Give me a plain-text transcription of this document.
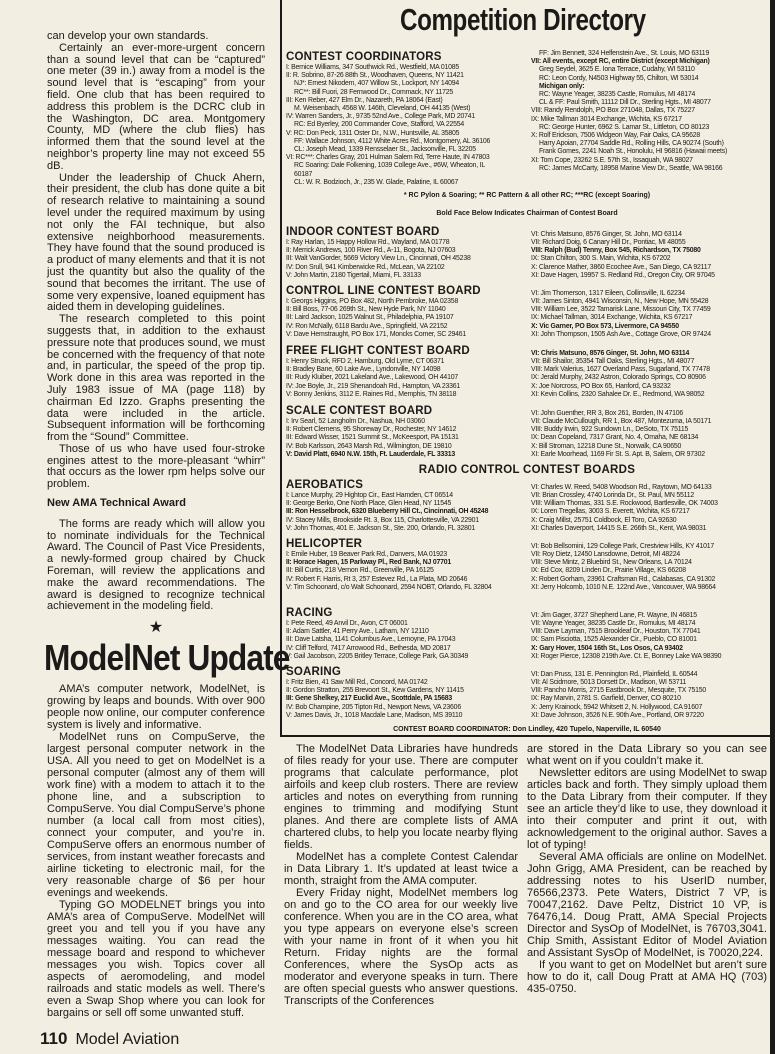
can develop your own standards.

Certainly an ever-more-urgent concern than a sound level that can be “captured” one meter (39 in.) away from a model is the sound level that is “escaping” from your field. One club that has been required to address this problem is the DCRC club in the Washington, DC area. Montgomery County, MD (where the club flies) has informed them that the sound level at the neighbor’s property line may not exceed 55 dB.

Under the leadership of Chuck Ahern, their president, the club has done quite a bit of research relative to maintaining a sound level under the required maximum by using not only the FAI technique, but also extensive neighborhood measurements. They have found that the sound produced is a product of many elements and that it is not just the quantity but also the quality of the sound that becomes the irritant. The use of some very expensive, loaned equipment has aided them in developing guidelines.

The research completed to this point suggests that, in addition to the exhaust pressure note that produces sound, we must be concerned with the frequency of that note and, in particular, the speed of the prop tip. Work done in this area was reported in the July 1983 issue of MA (page 118) by chairman Ed Izzo. Graphs presenting the data were included in the article. Subsequent information will be forthcoming from the “Sound” Committee.

Those of us who have used four-stroke engines attest to the more-pleasant “whirr” that occurs as the lower rpm helps solve our problem.

New AMA Technical Award

The forms are ready which will allow you to nominate individuals for the Technical Award. The Council of Past Vice Presidents, a newly-formed group chaired by Chuck Foreman, will review the applications and make the award recommendations. The award is designed to recognize technical achievement in the modeling field.

★
ModelNet Update

AMA’s computer network, ModelNet, is growing by leaps and bounds. With over 900 people now online, our computer conference system is lively and informative.

ModelNet runs on CompuServe, the largest personal computer network in the USA. All you need to get on ModelNet is a personal computer (almost any of them will work fine) with a modem to attach it to the phone line, and a subscription to CompuServe. You dial CompuServe’s phone number (a local call from most cities), connect your computer, and you’re in. CompuServe offers an enormous number of services, from instant weather forecasts and airline ticketing to electronic mail, for the very reasonable charge of $6 per hour evenings and weekends.

Typing GO MODELNET brings you into AMA’s area of CompuServe. ModelNet will greet you and tell you if you have any messages waiting. You can read the message board and respond to whichever messages you wish. Topics cover all aspects of aeromodeling, and model railroads and static models as well. There’s even a Swap Shop where you can look for bargains or sell off some unwanted stuff.

110 Model Aviation

The ModelNet Data Libraries have hundreds of files ready for your use. There are computer programs that calculate performance, plot airfoils and keep club rosters. There are review articles and notes on everything from running engines to trimming and modifying Stunt planes. And there are complete lists of AMA chartered clubs, to help you locate nearby flying fields.

ModelNet has a complete Contest Calendar in Data Library 1. It’s updated at least twice a month, straight from the AMA computer.

Every Friday night, ModelNet members log on and go to the CO area for our weekly live conference. When you are in the CO area, what you type appears on everyone else’s screen with your name in front of it when you hit Return. Friday nights are the formal Conferences, where the SysOp acts as moderator and everyone speaks in turn. There are often special guests who answer questions. Transcripts of the Conferences

are stored in the Data Library so you can see what went on if you couldn’t make it.

Newsletter editors are using ModelNet to swap articles back and forth. They simply upload them to the Data Library from their computer. If they see an article they’d like to use, they download it into their computer and print it out, with acknowledgement to the original author. Saves a lot of typing!

Several AMA officials are online on ModelNet. John Grigg, AMA President, can be reached by addressing notes to his UserID number, 76566,2373. Pete Waters, District 7 VP, is 70047,2162. Dave Peltz, District 10 VP, is 76476,14. Doug Pratt, AMA Special Projects Director and SysOp of ModelNet, is 76703,3041. Chip Smith, Assistant Editor of Model Aviation and Assistant SysOp of ModelNet, is 70020,224.

If you want to get on ModelNet but aren’t sure how to do it, call Doug Pratt at AMA HQ (703) 435-0750.

Competition Directory
CONTEST COORDINATORS
I: Bernice Williams, 347 Southwick Rd., Westfield, MA 01085
II: R. Sobrino, 87-26 88th St., Woodhaven, Queens, NY 11421
NJ*: Ernest Nikodem, 407 Willow St., Lockport, NY 14094
RC**: Bill Fuori, 28 Fernwood Dr., Commack, NY 11725
III: Ken Reber, 427 Elm Dr., Nazareth, PA 18064 (East)
M. Weisenbach, 4568 W. 146th, Cleveland, OH 44135 (West)
IV: Warren Sanders, Jr., 9735 52nd Ave., College Park, MD 20741
RC: Ed Byerley, 200 Commander Cove, Stafford, VA 22554
V: RC: Don Peck, 1311 Oster Dr., N.W., Huntsville, AL 35805
FF: Wallace Johnson, 4112 White Acres Rd., Montgomery, AL 36106
CL: Joseph Mead, 1339 Rensselaer St., Jacksonville, FL 32205
VI: RC***: Charles Gray, 201 Hulman Salem Rd, Terre Haute, IN 47803
RC Soaring: Dale Folkening, 1039 College Ave., #6W, Wheaton, IL
60187
CL: W. R. Bodzioch, Jr., 235 W. Glade, Palatine, IL 60067
FF: Jim Bennett, 324 Helfenstein Ave., St. Louis, MO 63119
VII: All events, except RC, entire District (except Michigan)
Greg Seydel, 3625 E. Iona Terrace, Cudahy, WI 53110
RC: Leon Cordy, N4503 Highway 55, Chilton, WI 53014
Michigan only:
RC: Wayne Yeager, 38235 Castle, Romulus, MI 48174
CL & FF: Paul Smith, 11112 Dill Dr., Sterling Hgts., MI 48077
VIII: Randy Rendolph, PO Box 271048, Dallas, TX 75227
IX: Mike Tallman 3014 Exchange, Wichita, KS 67217
RC: George Hunter, 6962 S. Lamar St., Littleton, CO 80123
X: Rolf Erickson, 7506 Widgeon Way, Fair Oaks, CA 95628
Harry Apoian, 27704 Saddle Rd., Rolling Hills, CA 90274 (South)
Frank Gomes, 2241 Noah St., Honolulu, HI 96816 (Hawaii meets)
XI: Tom Cope, 23262 S.E. 57th St., Issaquah, WA 98027
RC: James McCarty, 18958 Marine View Dr., Seattle, WA 98166
* RC Pylon & Soaring; ** RC Pattern & all other RC; ***RC (except Soaring)
Bold Face Below Indicates Chairman of Contest Board
RADIO CONTROL CONTEST BOARDS
INDOOR CONTEST BOARD
I: Ray Harlan, 15 Happy Hollow Rd., Wayland, MA 01778
II: Merrick Andrews, 100 River Rd., A-11, Bogota, NJ 07603
III: Walt VanGorder, 5669 Victory View Ln., Cincinnati, OH 45238
IV: Don Srull, 941 Kimberwicke Rd., McLean, VA 22102
V: John Martin, 2180 Tigertail, Miami, FL 33133
VI: Chris Matsuno, 8576 Ginger, St. John, MO 63114
VII: Richard Doig, 6 Canary Hill Dr., Pontiac, MI 48055
VIII: Ralph (Bud) Tenny, Box 545, Richardson, TX 75080
IX: Stan Chilton, 300 S. Main, Wichita, KS 67202
X: Clarence Mather, 3860 Ecochee Ave., San Diego, CA 92117
XI: Dave Hagen, 19957 S. Redland Rd., Oregon City, OR 97045
CONTROL LINE CONTEST BOARD
I: Georgs Higgins, PO Box 482, North Pembroke, MA 02358
II: Bill Boss, 77-06 269th St., New Hyde Park, NY 11040
III: Laird Jackson, 1025 Walnut St., Philadelphia, PA 19107
IV: Ron McNally, 6118 Bardu Ave., Springfield, VA 22152
V: Dave Hemstraught, PO Box 171, Moncks Corner, SC 29461
VI: Jim Thomerson, 1317 Eileen, Collinsville, IL 62234
VII: James Sinton, 4941 Wisconsin, N., New Hope, MN 55428
VIII: William Lee, 3522 Tamarisk Lane, Missouri City, TX 77459
IX: Michael Tallman, 3014 Exchange, Wichita, KS 67217
X: Vic Garner, PO Box 573, Livermore, CA 94550
XI: John Thompson, 1505 Ash Ave., Cottage Grove, OR 97424
FREE FLIGHT CONTEST BOARD
I: Henry Struck, RFD 2, Hamburg, Old Lyme, CT 06371
II: Bradley Bane, 60 Lake Ave., Lyndonville, NY 14098
III: Rudy Kluiber, 2021 Lakeland Ave., Lakewood, OH 44107
IV: Joe Boyle, Jr., 219 Shenandoah Rd., Hampton, VA 23361
V: Bonny Jenkins, 3112 E. Raines Rd., Memphis, TN 38118
VI: Chris Matsuno, 8576 Ginger, St. John, MO 63114
VII: Bill Shailor, 35354 Tall Oaks, Sterling Hgts., MI 48077
VIII: Mark Valerius, 1627 Overland Pass, Sugarland, TX 77478
IX: Jerald Murphy, 2432 Astron, Colorado Springs, CO 80906
X: Joe Norcross, PO Box 65, Hanford, CA 93232
XI: Kevin Collins, 2320 Sahalee Dr. E., Redmond, WA 98052
SCALE CONTEST BOARD
I: Irv Searl, 52 Langholm Dr., Nashua, NH 03060
II: Robert Clemens, 95 Shoreway Dr., Rochester, NY 14612
III: Edward Wisser, 1521 Summit St., McKeesport, PA 15131
IV: Bob Karlsson, 2643 Marsh Rd., Wilmington, DE 19810
V: David Platt, 6940 N.W. 15th, Ft. Lauderdale, FL 33313
VI: John Guenther, RR 3, Box 261, Borden, IN 47106
VII: Claude McCullough, RR 1, Box 487, Montezuma, IA 50171
VIII: Buddy Irwin, 922 Sundown Ln., DeSoto, TX 75115
IX: Dean Copeland, 7317 Grant, No. 4, Omaha, NE 68134
X: Bill Stroman, 12218 Dune St., Norwalk, CA 90650
XI: Earle Moorhead, 1169 Fir St. S. Apt. B, Salem, OR 97302
AEROBATICS
I: Lance Murphy, 29 Hightop Cir., East Hamden, CT 06514
II: George Berko, One North Place, Glen Head, NY 11545
III: Ron Hesselbrock, 6320 Blueberry Hill Ct., Cincinnati, OH 45248
IV: Stacey Mills, Brookside Rt. 3, Box 115, Charlottesville, VA 22901
V: John Thomas, 401 E. Jackson St., Ste. 200, Orlando, FL 32801
VI: Charles W. Reed, 5408 Woodson Rd., Raytown, MO 64133
VII: Brian Crossley, 4740 Lorinda Dr., St. Paul, MN 55112
VIII: William Thomas, 331 S.E. Rockwood, Bartlesville, OK 74003
IX: Loren Tregellas, 3003 S. Everett, Wichita, KS 67217
X: Craig Millst, 25751 Coldbock, El Toro, CA 92630
XI: Charles Daverport, 14415 S.E. 266th St., Kent, WA 98031
HELICOPTER
I: Emile Huber, 19 Beaver Park Rd., Danvers, MA 01923
II: Horace Hagen, 15 Parkway Pl., Red Bank, NJ 07701
III: Bill Curtis, 218 Vernon Rd., Greenville, PA 16125
IV: Robert F. Harris, Rt 3, 257 Estevez Rd., La Plata, MD 20646
V: Tim Schoonard, c/o Walt Schoonard, 2594 NOBT, Orlando, FL 32804
VI: Bob Bellsomini, 129 College Park, Crestview Hills, KY 41017
VII: Roy Dietz, 12450 Lansdowne, Detroit, MI 48224
VIII: Steve Mintz, 2 Bluebird St., New Orleans, LA 70124
IX: Ed Cox, 8209 Linden Dr., Prairie Village, KS 66208
X: Robert Gorham, 23961 Craftsman Rd., Calabasas, CA 91302
XI: Jerry Holcomb, 1010 N.E. 122nd Ave., Vancouver, WA 98664
RACING
I: Pete Reed, 49 Anvil Dr., Avon, CT 06001
II: Adam Sattler, 41 Perry Ave., Latham, NY 12110
III: Dave Latsha, 1141 Columbus Ave., Lemoyne, PA 17043
IV: Cliff Telford, 7417 Arrowood Rd., Bethesda, MD 20817
V: Gail Jacobson, 2205 Britley Terrace, College Park, GA 30349
VI: Jim Gager, 3727 Shepherd Lane, Ft. Wayne, IN 46815
VII: Wayne Yeager, 38235 Castle Dr., Romulus, MI 48174
VIII: Dave Layman, 7515 Brookleaf Dr., Houston, TX 77041
IX: Sam Pisciotta, 1525 Alexander Cir., Pueblo, CO 81001
X: Gary Hover, 1504 16th St., Los Osos, CA 93402
XI: Roger Pierce, 12308 219th Ave. Ct. E, Bonney Lake WA 98390
SOARING
I: Fritz Bien, 41 Saw Mill Rd., Concord, MA 01742
II: Gordon Stratton, 255 Brevoort St., Kew Gardens, NY 11415
III: Gene Shelkey, 217 Euclid Ave., Scottdale, PA 15683
IV: Bob Champine, 205 Tipton Rd., Newport News, VA 23606
V: James Davis, Jr., 1018 Macdale Lane, Madison, MS 39110
VI: Dan Pruss, 131 E. Pennington Rd., Plainfield, IL 60544
VII: Al Scidmore, 5013 Dorsett Dr., Madison, WI 53711
VIII: Pancho Morris, 2715 Eastbrook Dr., Mesquite, TX 75150
IX: Ray Marvin, 2781 S. Garfield, Denver, CO 80210
X: Jerry Krainock, 5942 Whitsett 2, N. Hollywood, CA 91607
XI: Dave Johnson, 3526 N.E. 90th Ave., Portland, OR 97220
CONTEST BOARD COORDINATOR: Don Lindley, 420 Tupelo, Naperville, IL 60540
